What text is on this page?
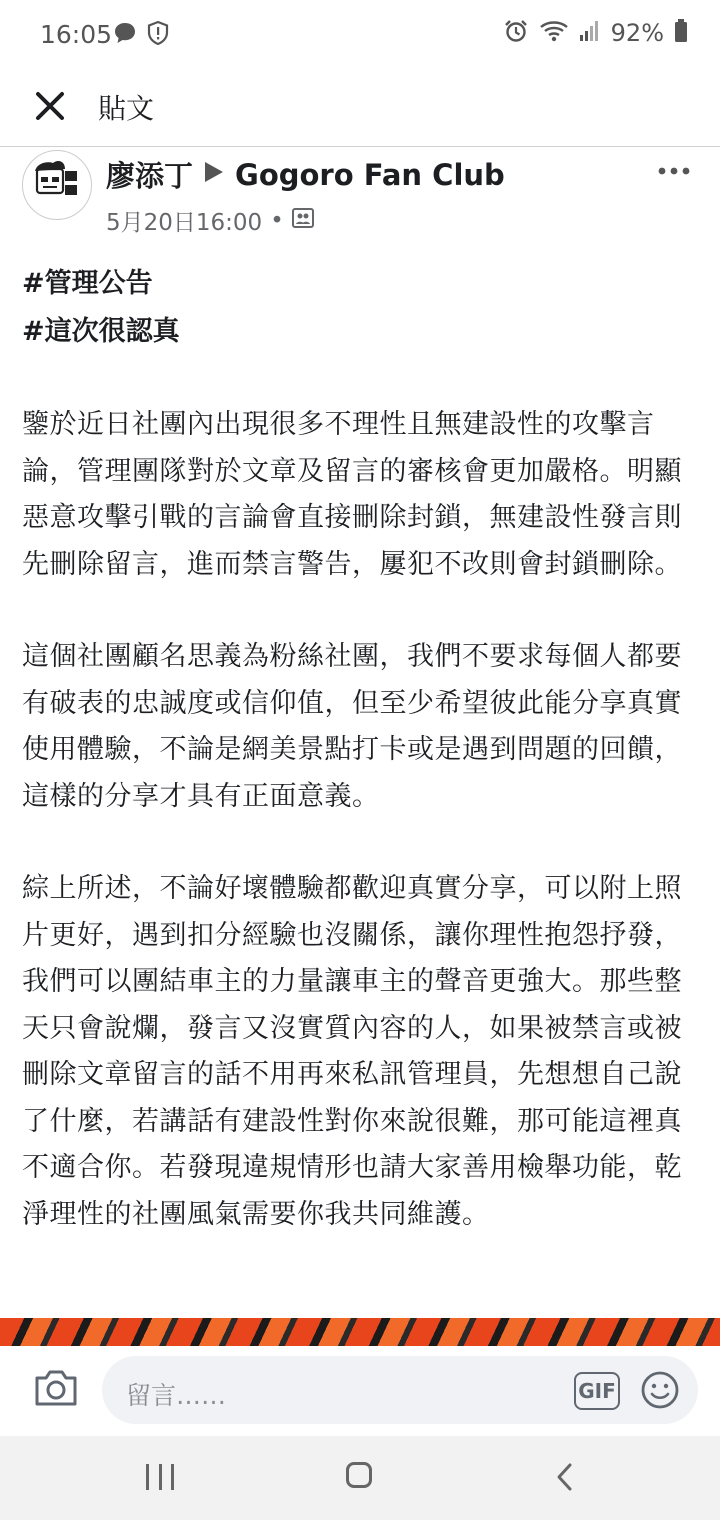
16:05	92%
貼文
廖添丁 Gogoro Fan Club
5月20日16:00 •
#管理公告
#這次很認真
鑒於近日社團內出現很多不理性且無建設性的攻擊言論，管理團隊對於文章及留言的審核會更加嚴格。明顯惡意攻擊引戰的言論會直接刪除封鎖，無建設性發言則先刪除留言，進而禁言警告，屢犯不改則會封鎖刪除。
這個社團顧名思義為粉絲社團，我們不要求每個人都要有破表的忠誠度或信仰值，但至少希望彼此能分享真實使用體驗，不論是網美景點打卡或是遇到問題的回饋，這樣的分享才具有正面意義。
綜上所述，不論好壞體驗都歡迎真實分享，可以附上照片更好，遇到扣分經驗也沒關係，讓你理性抱怨抒發，我們可以團結車主的力量讓車主的聲音更強大。那些整天只會說爛，發言又沒實質內容的人，如果被禁言或被刪除文章留言的話不用再來私訊管理員，先想想自己說了什麼，若講話有建設性對你來說很難，那可能這裡真不適合你。若發現違規情形也請大家善用檢舉功能，乾淨理性的社團風氣需要你我共同維護。
留言……	GIF
